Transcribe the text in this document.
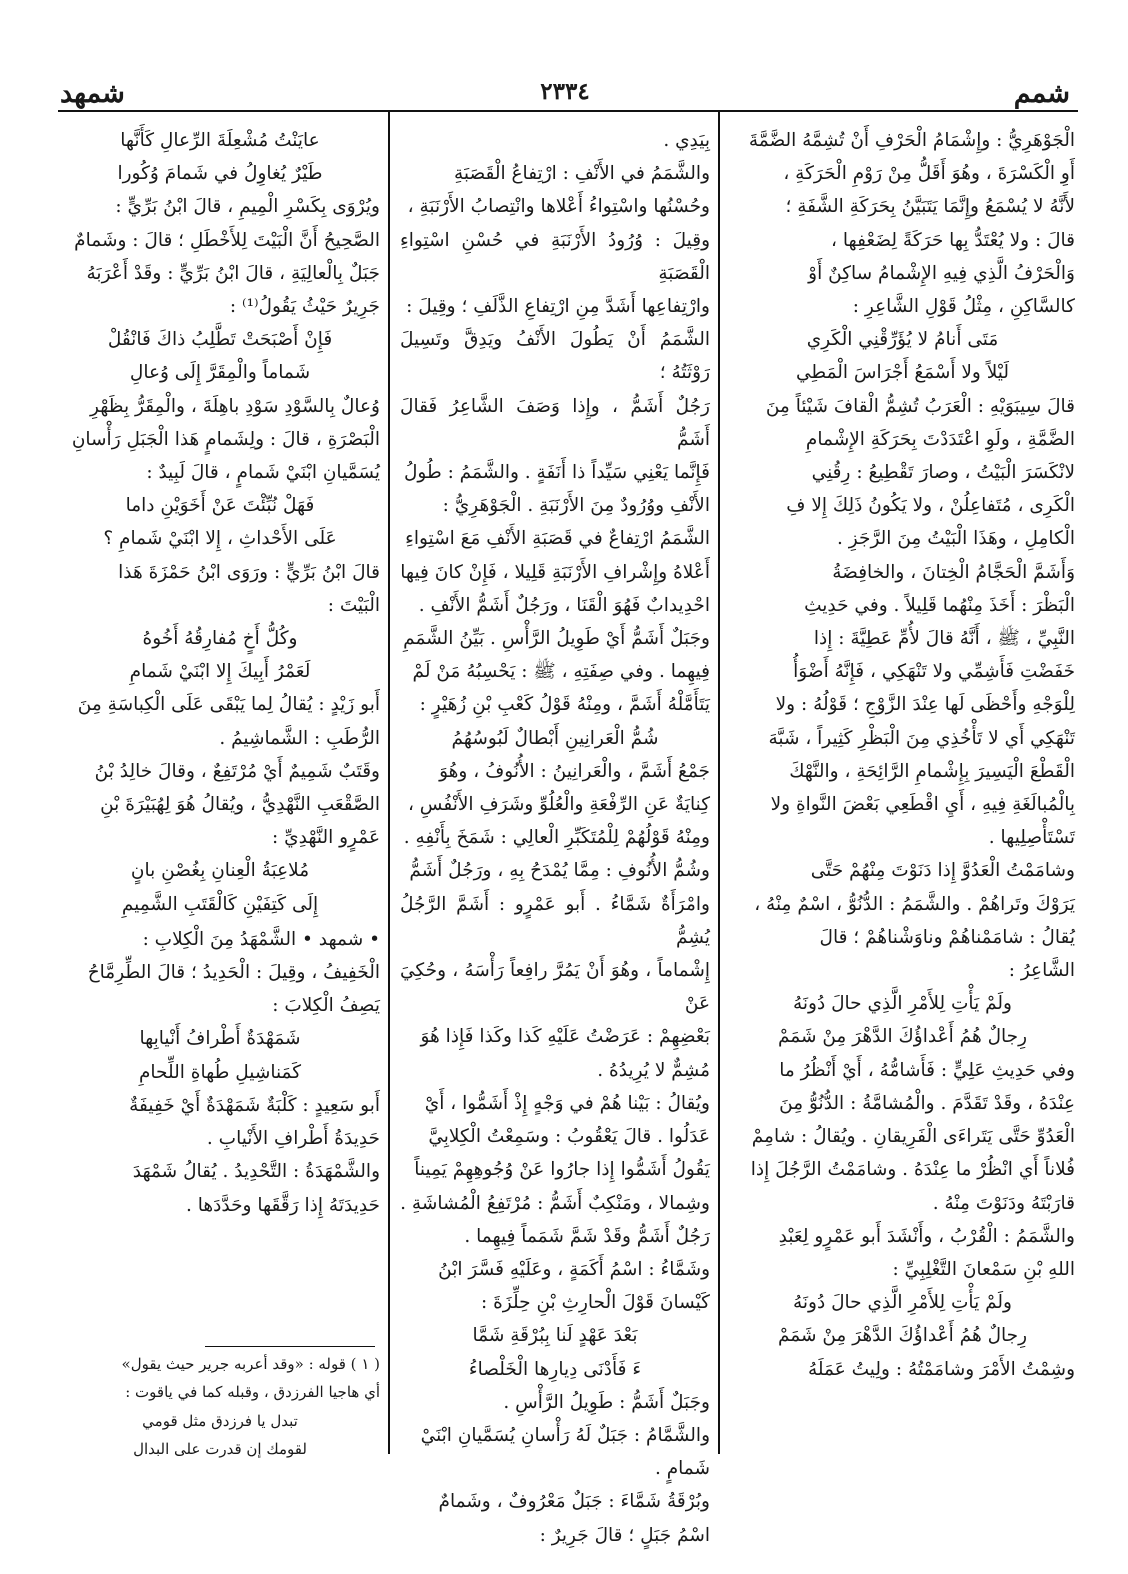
شمم
٢٣٣٤
شمهد

الْجَوْهَرِيُّ : وإِشْمَامُ الْحَرْفِ أَنْ تُشِمَّهُ الضَّمَّةَ

أَوِ الْكَسْرَةَ ، وهُوَ أَقَلُّ مِنْ رَوْمِ الْحَرَكَةِ ،

لأَنَّهُ لا يُسْمَعُ وإِنَّمَا يَتَبَيَّنُ بِحَرَكَةِ الشَّفَةِ ؛

قالَ : ولا يُعْتَدُّ بِها حَرَكَةً لِضَعْفِها ،

وَالْحَرْفُ الَّذِي فِيهِ الإِشْمامُ ساكِنٌ أَوْ

كالسَّاكِنِ ، مِثْلُ قَوْلِ الشَّاعِرِ :

مَتَى أَنامُ لا يُؤَرِّقْنِي الْكَرِي

لَيْلاً ولا أَسْمَعُ أَجْرَاسَ الْمَطِي

قالَ سِيبَوَيْهِ : الْعَرَبُ تُشِمُّ الْقافَ شَيْئاً مِنَ

الضَّمَّةِ ، ولَوِ اعْتَدَدْتَ بِحَرَكَةِ الإِشْمامِ

لانْكَسَرَ الْبَيْتُ ، وصارَ تَقْطِيعُ : رِقُنِي

الْكَرِى ، مُتَفاعِلُنْ ، ولا يَكُونُ ذَلِكَ إِلا فِ

الْكامِلِ ، وهَذَا الْبَيْتُ مِنَ الرَّجَزِ .

وَأَشَمَّ الْحَجَّامُ الْخِتانَ ، والخافِضَةُ

الْبَظْرَ : أَخَذَ مِنْهُما قَلِيلاً . وفي حَدِيثِ

النَّبِيِّ ، ﷺ ، أَنَّهُ قالَ لأُمِّ عَطِيَّةَ : إِذا

خَفَضْتِ فَأَشِمِّي ولا تَنْهَكِي ، فَإِنَّهُ أَضْوَأُ

لِلْوَجْهِ وأَحْظَى لَها عِنْدَ الزَّوْجِ ؛ قَوْلُهُ : ولا

تَنْهَكِي أَي لا تَأْخُذِي مِنَ الْبَظْرِ كَثِيراً ، شَبَّهَ

الْقَطْعَ الْيَسِيرَ بِإِشْمامِ الرَّائِحَةِ ، والنَّهْكَ

بِالْمُبالَغَةِ فِيهِ ، أَيِ اقْطَعِي بَعْضَ النَّواةِ ولا

تَسْتَأْصِلِيها .

وشامَمْتُ الْعَدُوَّ إِذا دَنَوْتَ مِنْهُمْ حَتَّى

يَرَوْكَ وتَراهُمْ . والشَّمَمُ : الدُّنُوُّ ، اسْمٌ مِنْهُ ،

يُقالُ : شامَمْناهُمْ وناوَشْناهُمْ ؛ قالَ

الشَّاعِرُ :

ولَمْ يَأْتِ لِلأَمْرِ الَّذِي حالَ دُونَهُ

رِجالٌ هُمُ أَعْداؤُكَ الدَّهْرَ مِنْ شَمَمْ

وفي حَدِيثِ عَلِيٍّ : فَأَشامُّهُ ، أَيْ أَنْظُرُ ما

عِنْدَهُ ، وقَدْ تَقَدَّمَ . والْمُشامَّةُ : الدُّنُوُّ مِنَ

الْعَدُوِّ حَتَّى يَتَراءَى الْفَرِيقانِ . ويُقالُ : شامِمْ

فُلاناً أَي انْظُرْ ما عِنْدَهُ . وشامَمْتُ الرَّجُلَ إِذا

قارَبْتَهُ ودَنَوْتَ مِنْهُ .

والشَّمَمُ : الْقُرْبُ ، وأَنْشَدَ أَبو عَمْرٍو لِعَبْدِ

اللهِ بْنِ سَمْعانَ التَّغْلِبِيِّ :

ولَمْ يَأْتِ لِلأَمْرِ الَّذِي حالَ دُونَهُ

رِجالٌ هُمُ أَعْداؤُكَ الدَّهْرَ مِنْ شَمَمْ

وشِمْتُ الأَمْرَ وشامَمْتُهُ : ولِيتُ عَمَلَهُ

بِيَدِي .

والشَّمَمُ في الأَنْفِ : ارْتِفاعُ الْقَصَبَةِ

وحُسْنُها واسْتِواءُ أَعْلاها وانْتِصابُ الأَرْنَبَةِ ،

وقِيلَ : وُرُودُ الأَرْنَبَةِ في حُسْنِ اسْتِواءِ الْقَصَبَةِ

وارْتِفاعِها أَشَدَّ مِنِ ارْتِفاعِ الذَّلَفِ ؛ وقِيلَ :

الشَّمَمُ أَنْ يَطُولَ الأَنْفُ ويَدِقَّ وتَسِيلَ رَوْثَتُهُ ؛

رَجُلٌ أَشَمُّ ، وإِذا وَصَفَ الشَّاعِرُ فَقالَ أَشَمُّ

فَإِنَّما يَعْنِي سَيِّداً ذا أَنَفَةٍ . والشَّمَمُ : طُولُ

الأَنْفِ ووُرُودٌ مِنَ الأَرْنَبَةِ . الْجَوْهَرِيُّ :

الشَّمَمُ ارْتِفاعٌ في قَصَبَةِ الأَنْفِ مَعَ اسْتِواءِ

أَعْلاهُ وإِشْرافِ الأَرْنَبَةِ قَلِيلا ، فَإِنْ كانَ فِيها

احْدِيدابٌ فَهُوَ الْقَنَا ، ورَجُلٌ أَشَمُّ الأَنْفِ .

وجَبَلٌ أَشَمُّ أَيْ طَوِيلُ الرَّأْسِ . بَيِّنُ الشَّمَمِ

فِيهِما . وفي صِفَتِهِ ، ﷺ : يَحْسِبُهُ مَنْ لَمْ

يَتَأَمَّلْهُ أَشَمَّ ، ومِنْهُ قَوْلُ كَعْبِ بْنِ زُهَيْرٍ :

شُمُّ الْعَرانِينِ أَبْطالٌ لَبُوسُهُمُ

جَمْعُ أَشَمَّ ، والْعَرانِينُ : الأُنُوفُ ، وهُوَ

كِنايَةٌ عَنِ الرِّفْعَةِ والْعُلُوِّ وشَرَفِ الأَنْفُسِ ،

ومِنْهُ قَوْلُهُمْ لِلْمُتَكَبِّرِ الْعالِي : شَمَخَ بِأَنْفِهِ .

وشُمُّ الأُنُوفِ : مِمَّا يُمْدَحُ بِهِ ، ورَجُلٌ أَشَمُّ

وامْرَأَةٌ شَمَّاءُ . أَبو عَمْرٍو : أَشَمَّ الرَّجُلُ يُشِمُّ

إِشْماماً ، وهُوَ أَنْ يَمُرَّ رافِعاً رَأْسَهُ ، وحُكِيَ عَنْ

بَعْضِهِمْ : عَرَضْتُ عَلَيْهِ كَذا وكَذا فَإِذا هُوَ

مُشِمٌّ لا يُرِيدُهُ .

ويُقالُ : بَيْنا هُمْ في وَجْهٍ إِذْ أَشَمُّوا ، أَيْ

عَدَلُوا . قالَ يَعْقُوبُ : وسَمِعْتُ الْكِلابِيَّ

يَقُولُ أَشَمُّوا إِذا جارُوا عَنْ وُجُوهِهِمْ يَمِيناً

وشِمالا ، ومَنْكِبٌ أَشَمُّ : مُرْتَفِعُ الْمُشاشَةِ .

رَجُلٌ أَشَمُّ وقَدْ شَمَّ شَمَماً فِيهِما .

وشَمَّاءُ : اسْمُ أَكَمَةٍ ، وعَلَيْهِ فَسَّرَ ابْنُ

كَيْسانَ قَوْلَ الْحارِثِ بْنِ حِلِّزَةَ :

بَعْدَ عَهْدٍ لَنا بِبُرْقَةِ شَمَّا

ءَ فَأَدْنَى دِيارِها الْخَلْصاءُ

وجَبَلٌ أَشَمُّ : طَوِيلُ الرَّأْسِ .

والشَّمَّامُ : جَبَلٌ لَهُ رَأْسانِ يُسَمَّيانِ ابْنَيْ

شَمامٍ .

وبُرْقَةُ شَمَّاءَ : جَبَلٌ مَعْرُوفٌ ، وشَمامٌ

اسْمُ جَبَلٍ ؛ قالَ جَرِيرٌ :

عايَنْتُ مُشْعِلَةَ الرِّعالِ كَأَنَّها

طَيْرٌ يُغاوِلُ في شَمامَ وُكُورا

ويُرْوَى بِكَسْرِ الْمِيمِ ، قالَ ابْنُ بَرِّيٍّ :

الصَّحِيحُ أَنَّ الْبَيْتَ لِلأَخْطَلِ ؛ قالَ : وشَمامٌ

جَبَلٌ بِالْعالِيَةِ ، قالَ ابْنُ بَرِّيٍّ : وقَدْ أَعْرَبَهُ

جَرِيرٌ حَيْثُ يَقُولُ⁽¹⁾ :

فَإِنْ أَصْبَحَتْ تَطَّلِبُ ذاكَ فَانْقُلْ

شَماماً والْمِقَرَّ إِلَى وُعالِ

وُعالٌ بِالسَّوْدِ سَوْدِ باهِلَةَ ، والْمِقَرُّ بِظَهْرِ

الْبَصْرَةِ ، قالَ : ولِشَمامٍ هَذا الْجَبَلِ رَأْسانِ

يُسَمَّيانِ ابْنَيْ شَمامٍ ، قالَ لَبِيدٌ :

فَهَلْ نُبِّئْتَ عَنْ أَخَوَيْنِ داما

عَلَى الأَحْداثِ ، إِلا ابْنَيْ شَمامِ ؟

قالَ ابْنُ بَرِّيٍّ : ورَوَى ابْنُ حَمْزَةَ هَذا

الْبَيْتَ :

وكُلُّ أَخٍ مُفارِقُهُ أَخُوهُ

لَعَمْرُ أَبِيكَ إِلا ابْنَيْ شَمامِ

أَبو زَيْدٍ : يُقالُ لِما يَبْقَى عَلَى الْكِباسَةِ مِنَ

الرُّطَبِ : الشَّماشِيمُ .

وقَتَبٌ شَمِيمٌ أَيْ مُرْتَفِعٌ ، وقالَ خالِدُ بْنُ

الصَّقْعَبِ النَّهْدِيُّ ، ويُقالُ هُوَ لِهُبَيْرَةَ بْنِ

عَمْرٍو النَّهْدِيِّ :

مُلاعِبَةُ الْعِنانِ بِغُصْنِ بانٍ

إِلَى كَتِفَيْنِ كَالْقَتَبِ الشَّمِيمِ

• شمهد • الشَّمْهَدُ مِنَ الْكِلابِ :

الْخَفِيفُ ، وقِيلَ : الْحَدِيدُ ؛ قالَ الطِّرِمَّاحُ

يَصِفُ الْكِلابَ :

شَمَهْدَةٌ أَطْرافُ أَنْيابِها

كَمَناشِيلِ طُهاةِ اللِّحامِ

أَبو سَعِيدٍ : كَلْبَةٌ شَمَهْدَةٌ أَيْ خَفِيفَةٌ

حَدِيدَةُ أَطْرافِ الأَنْيابِ .

والشَّمْهَدَةُ : التَّحْدِيدُ . يُقالُ شَمْهَدَ

حَدِيدَتَهُ إِذا رَقَّقَها وحَدَّدَها .

( ١ ) قوله : «وقد أعربه جرير حيث يقول»

أي هاجيا الفرزدق ، وقبله كما في ياقوت :

تبدل يا فرزدق مثل قومي

لقومك إن قدرت على البدال
